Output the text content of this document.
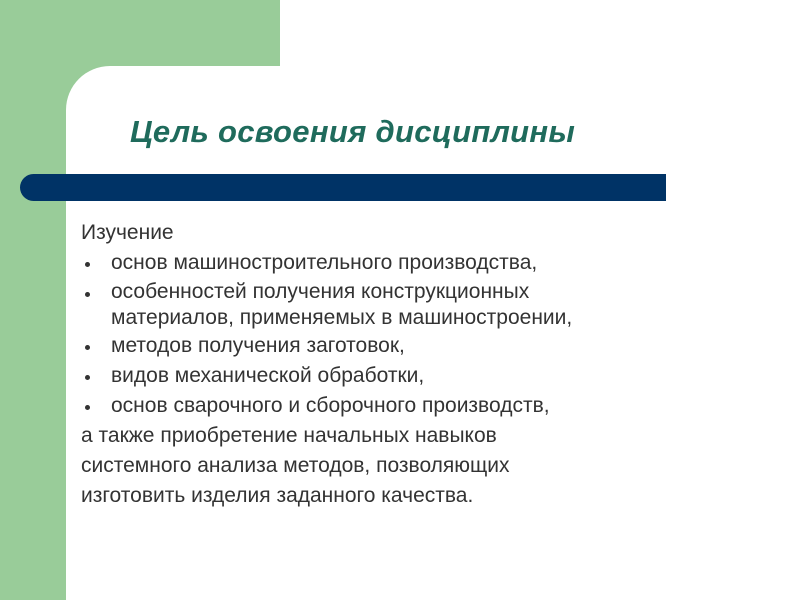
Цель освоения дисциплины
Изучение
основ машиностроительного производства,
особенностей получения конструкционных
материалов, применяемых в машиностроении,
методов получения заготовок,
видов механической обработки,
основ сварочного и сборочного производств,
а также приобретение начальных навыков
системного анализа методов, позволяющих
изготовить изделия заданного качества.
